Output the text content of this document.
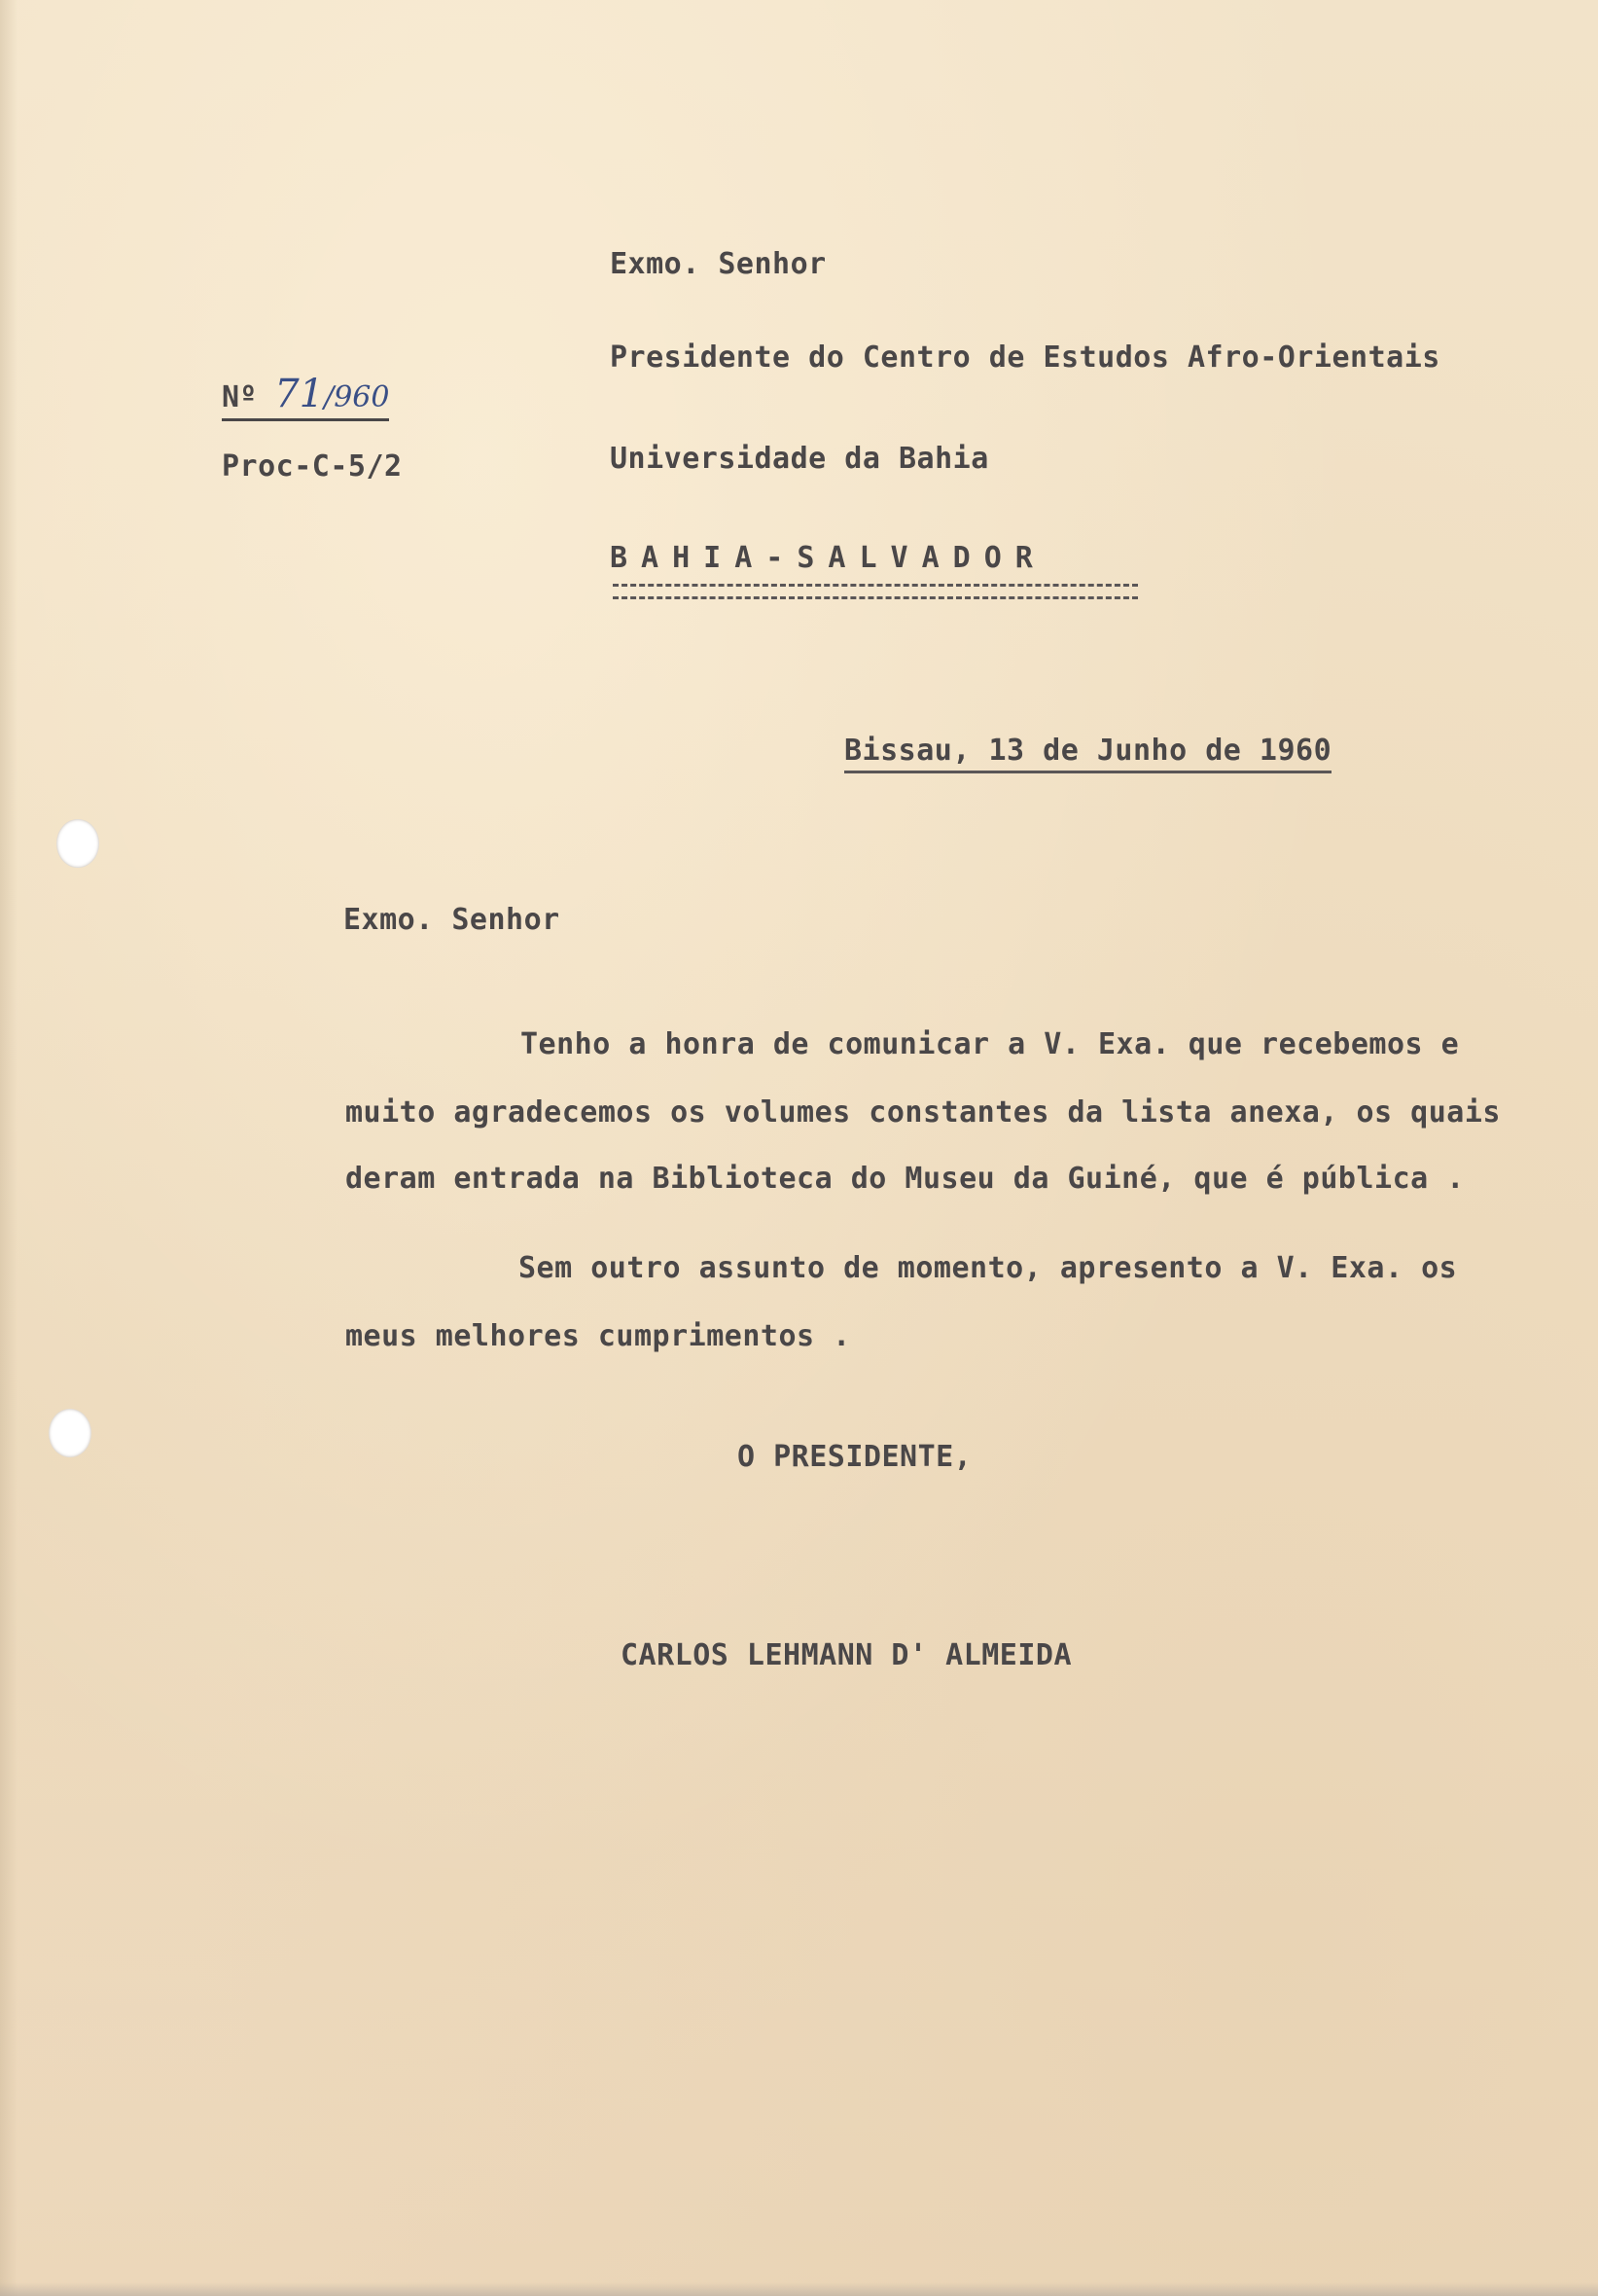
Exmo. Senhor
Presidente do Centro de Estudos Afro-Orientais
Universidade da Bahia
BAHIA-SALVADOR
Nº 71/960
Proc-C-5/2
Bissau, 13 de Junho de 1960
Exmo. Senhor
Tenho a honra de comunicar a V. Exa. que recebemos e
muito agradecemos os volumes constantes da lista anexa, os quais
deram entrada na Biblioteca do Museu da Guiné, que é pública .
Sem outro assunto de momento, apresento a V. Exa. os
meus melhores cumprimentos .
O PRESIDENTE,
CARLOS LEHMANN D' ALMEIDA
